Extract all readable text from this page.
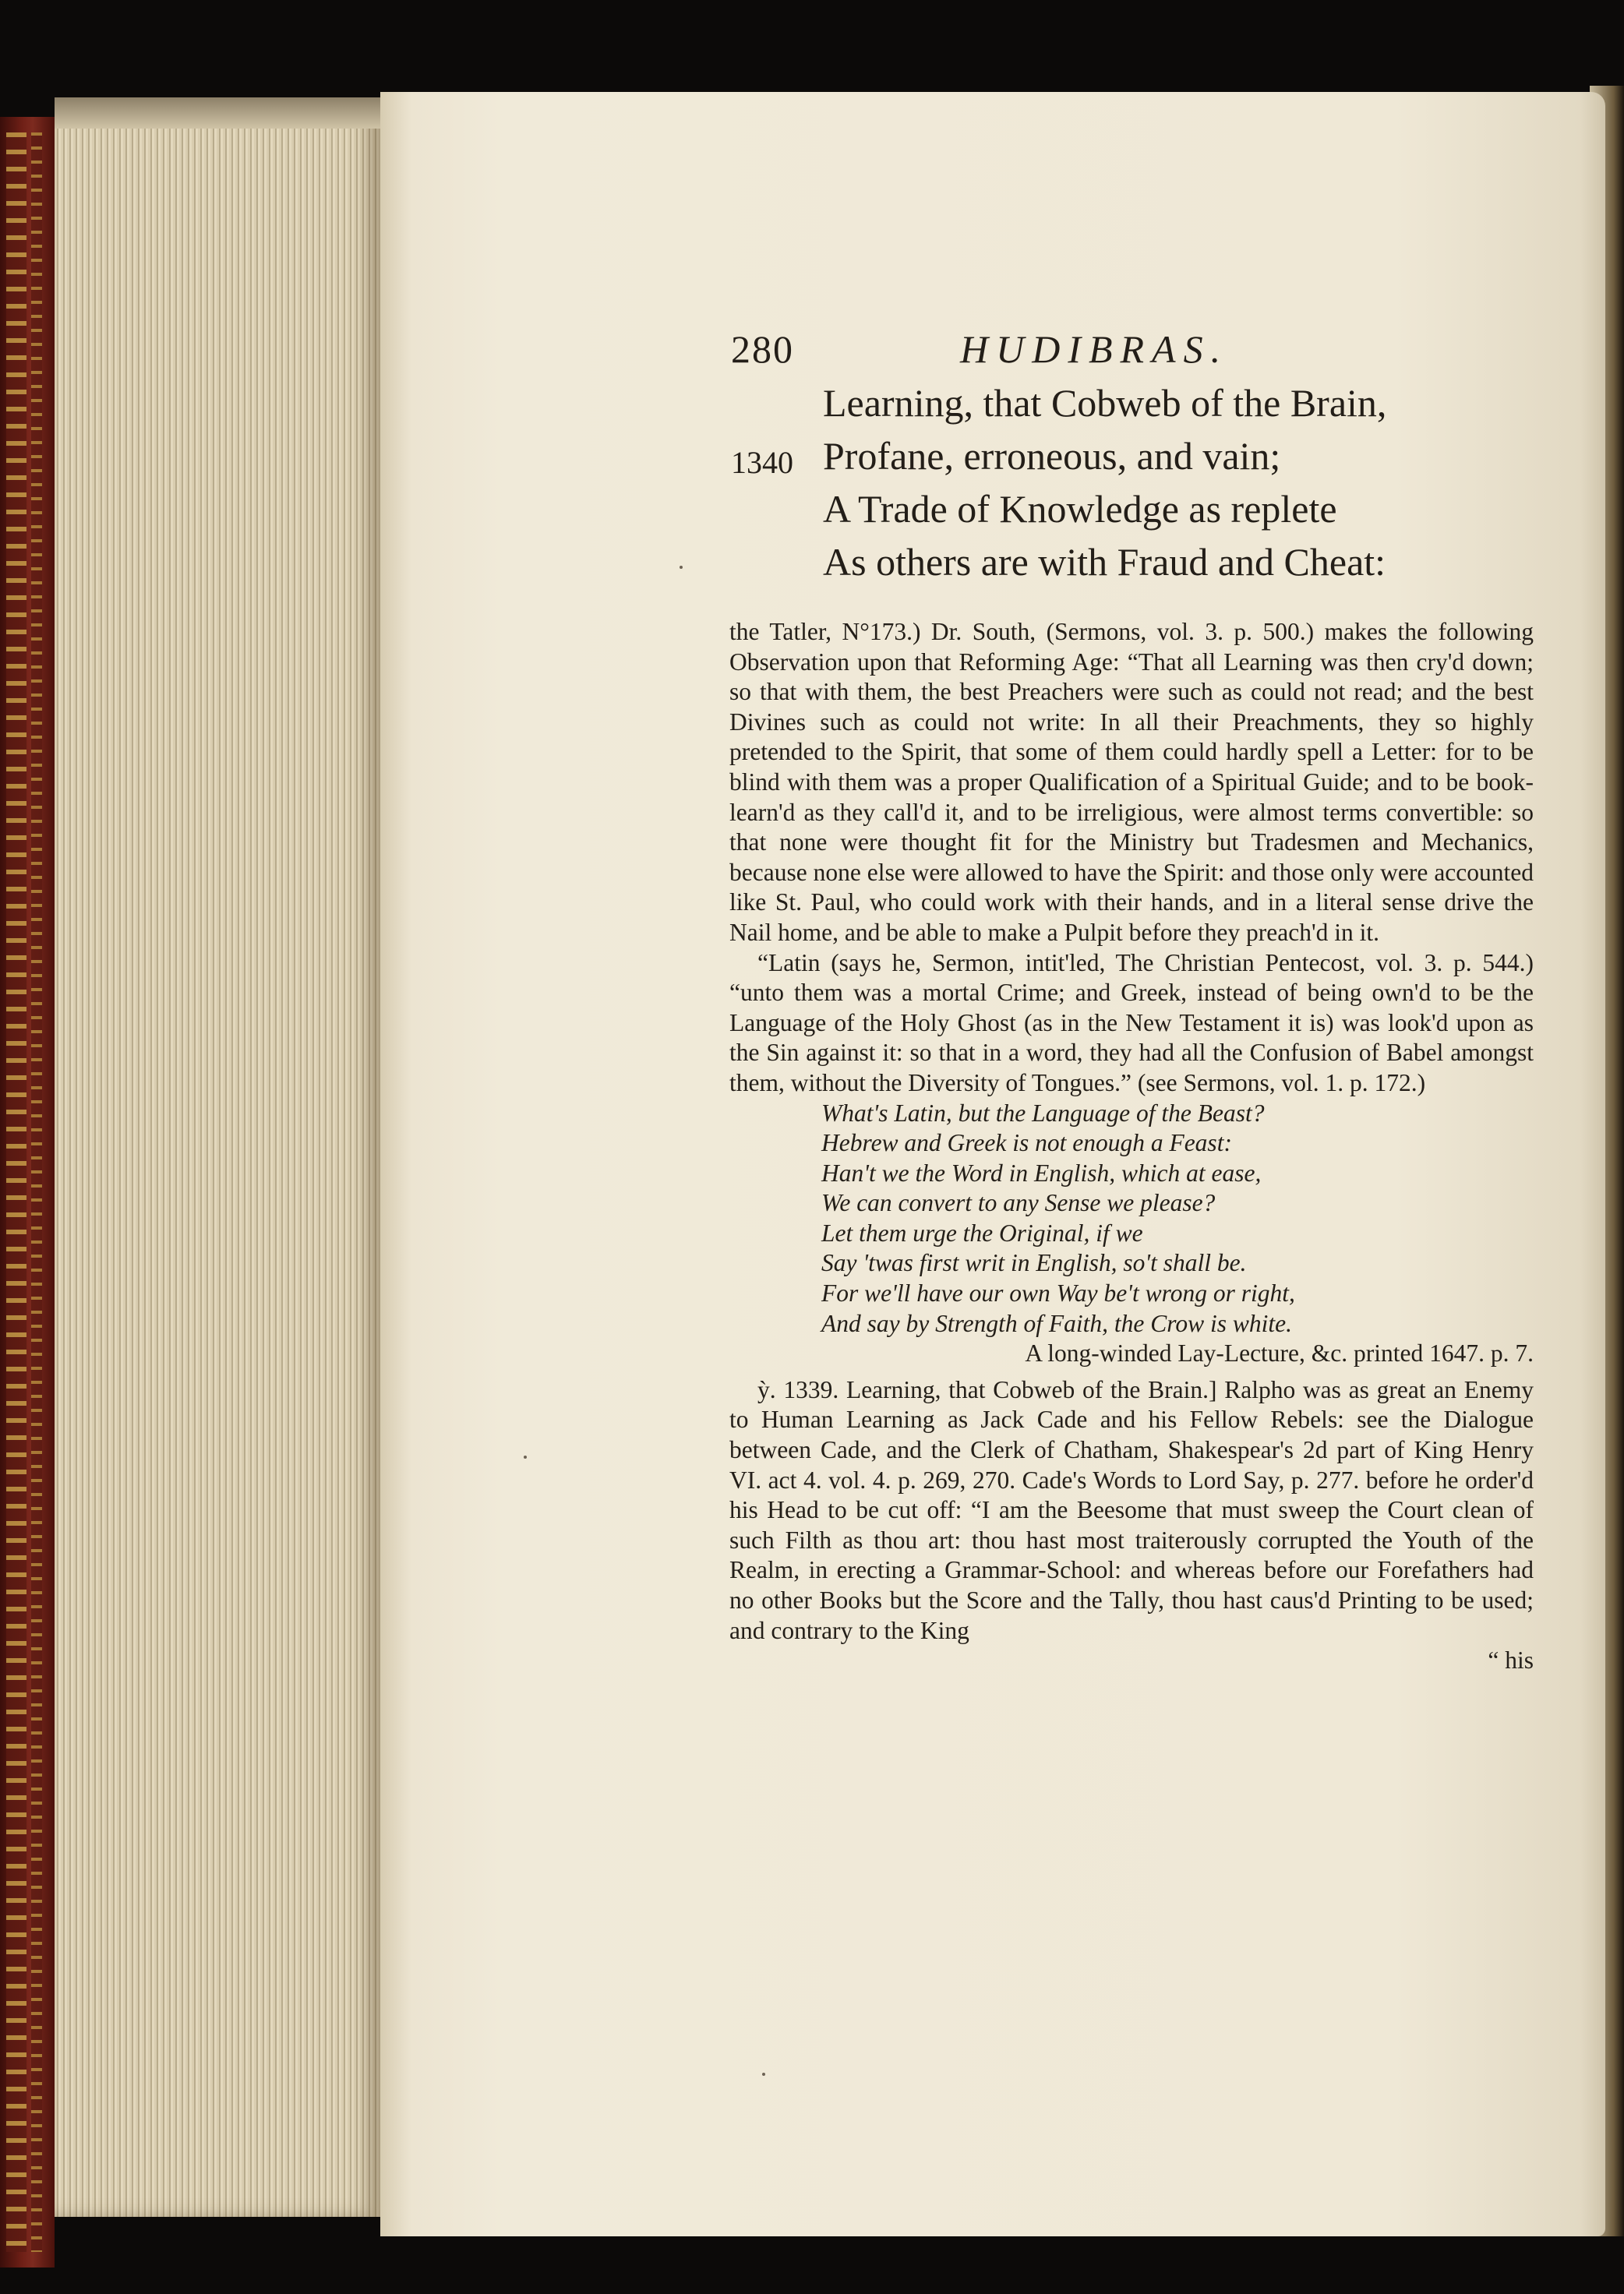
280	HUDIBRAS.
Learning, that Cobweb of the Brain,
1340 Profane, erroneous, and vain;
A Trade of Knowledge as replete
As others are with Fraud and Cheat:

the Tatler, N°173.) Dr. South, (Sermons, vol. 3. p. 500.) makes the following Observation upon that Reforming Age: “That all Learning was then cry'd down; so that with them, the best Preachers were such as could not read; and the best Divines such as could not write: In all their Preachments, they so highly pretended to the Spirit, that some of them could hardly spell a Letter: for to be blind with them was a proper Qualification of a Spiritual Guide; and to be book-learn'd as they call'd it, and to be irreligious, were almost terms convertible: so that none were thought fit for the Ministry but Tradesmen and Mechanics, because none else were allowed to have the Spirit: and those only were accounted like St. Paul, who could work with their hands, and in a literal sense drive the Nail home, and be able to make a Pulpit before they preach'd in it.

“Latin (says he, Sermon, intit'led, The Christian Pentecost, vol. 3. p. 544.) “unto them was a mortal Crime; and Greek, instead of being own'd to be the Language of the Holy Ghost (as in the New Testament it is) was look'd upon as the Sin against it: so that in a word, they had all the Confusion of Babel amongst them, without the Diversity of Tongues.” (see Sermons, vol. 1. p. 172.)

What's Latin, but the Language of the Beast?

Hebrew and Greek is not enough a Feast:

Han't we the Word in English, which at ease,

We can convert to any Sense we please?

Let them urge the Original, if we

Say 'twas first writ in English, so't shall be.

For we'll have our own Way be't wrong or right,

And say by Strength of Faith, the Crow is white.

A long-winded Lay-Lecture, &c. printed 1647. p. 7.

ỳ. 1339. Learning, that Cobweb of the Brain.] Ralpho was as great an Enemy to Human Learning as Jack Cade and his Fellow Rebels: see the Dialogue between Cade, and the Clerk of Chatham, Shakespear's 2d part of King Henry VI. act 4. vol. 4. p. 269, 270. Cade's Words to Lord Say, p. 277. before he order'd his Head to be cut off: “I am the Beesome that must sweep the Court clean of such Filth as thou art: thou hast most traiterously corrupted the Youth of the Realm, in erecting a Grammar-School: and whereas before our Forefathers had no other Books but the Score and the Tally, thou hast caus'd Printing to be used; and contrary to the King

“ his
